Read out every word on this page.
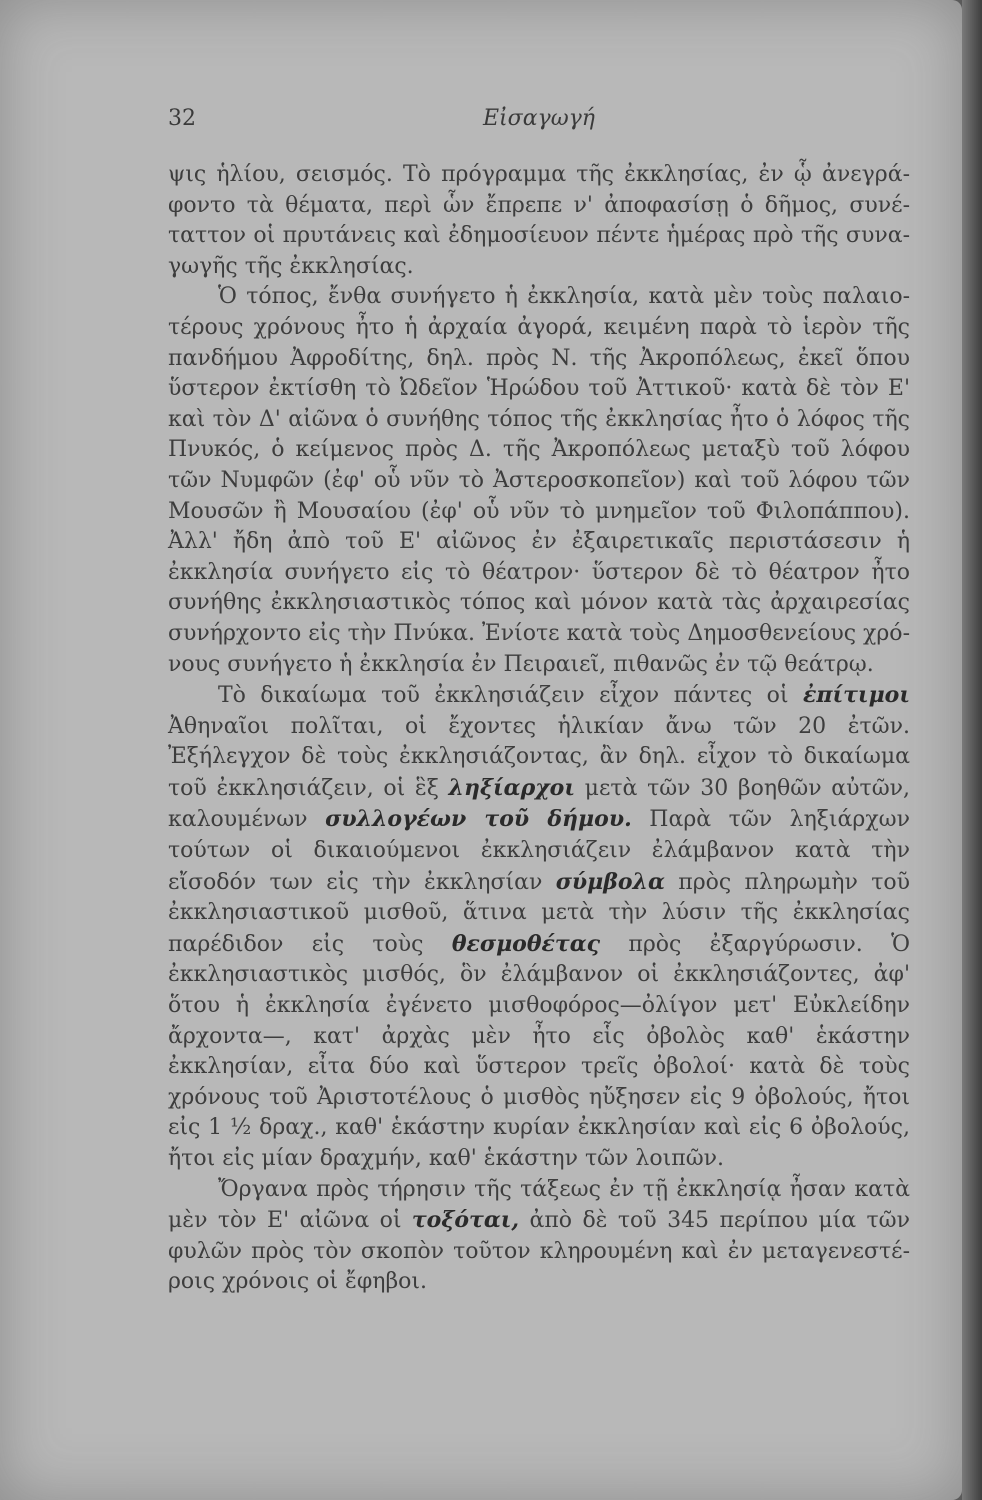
32	Εἰσαγωγή

ψις ἡλίου, σεισμός. Τὸ πρόγραμμα τῆς ἐκκλησίας, ἐν ᾧ ἀνεγράφοντο τὰ θέματα, περὶ ὧν ἔπρεπε ν' ἀποφασίσῃ ὁ δῆμος, συνέταττον οἱ πρυτάνεις καὶ ἐδημοσίευον πέντε ἡμέρας πρὸ τῆς συναγωγῆς τῆς ἐκκλησίας.

Ὁ τόπος, ἔνθα συνήγετο ἡ ἐκκλησία, κατὰ μὲν τοὺς παλαιοτέρους χρόνους ἦτο ἡ ἀρχαία ἀγορά, κειμένη παρὰ τὸ ἱερὸν τῆς πανδήμου Ἀφροδίτης, δηλ. πρὸς Ν. τῆς Ἀκροπόλεως, ἐκεῖ ὅπου ὕστερον ἐκτίσθη τὸ Ὠδεῖον Ἡρώδου τοῦ Ἀττικοῦ· κατὰ δὲ τὸν Ε' καὶ τὸν Δ' αἰῶνα ὁ συνήθης τόπος τῆς ἐκκλησίας ἦτο ὁ λόφος τῆς Πνυκός, ὁ κείμενος πρὸς Δ. τῆς Ἀκροπόλεως μεταξὺ τοῦ λόφου τῶν Νυμφῶν (ἐφ' οὗ νῦν τὸ Ἀστεροσκοπεῖον) καὶ τοῦ λόφου τῶν Μουσῶν ἢ Μουσαίου (ἐφ' οὗ νῦν τὸ μνημεῖον τοῦ Φιλοπάππου). Ἀλλ' ἤδη ἀπὸ τοῦ Ε' αἰῶνος ἐν ἐξαιρετικαῖς περιστάσεσιν ἡ ἐκκλησία συνήγετο εἰς τὸ θέατρον· ὕστερον δὲ τὸ θέατρον ἦτο συνήθης ἐκκλησιαστικὸς τόπος καὶ μόνον κατὰ τὰς ἀρχαιρεσίας συνήρχοντο εἰς τὴν Πνύκα. Ἐνίοτε κατὰ τοὺς Δημοσθενείους χρόνους συνήγετο ἡ ἐκκλησία ἐν Πειραιεῖ, πιθανῶς ἐν τῷ θεάτρῳ.

Τὸ δικαίωμα τοῦ ἐκκλησιάζειν εἶχον πάντες οἱ ἐπίτιμοι Ἀθηναῖοι πολῖται, οἱ ἔχοντες ἡλικίαν ἄνω τῶν 20 ἐτῶν. Ἐξήλεγχον δὲ τοὺς ἐκκλησιάζοντας, ἂν δηλ. εἶχον τὸ δικαίωμα τοῦ ἐκκλησιάζειν, οἱ ἓξ ληξίαρχοι μετὰ τῶν 30 βοηθῶν αὐτῶν, καλουμένων συλλογέων τοῦ δήμου. Παρὰ τῶν ληξιάρχων τούτων οἱ δικαιούμενοι ἐκκλησιάζειν ἐλάμβανον κατὰ τὴν εἴσοδόν των εἰς τὴν ἐκκλησίαν σύμβολα πρὸς πληρωμὴν τοῦ ἐκκλησιαστικοῦ μισθοῦ, ἅτινα μετὰ τὴν λύσιν τῆς ἐκκλησίας παρέδιδον εἰς τοὺς θεσμοθέτας πρὸς ἐξαργύρωσιν. Ὁ ἐκκλησιαστικὸς μισθός, ὃν ἐλάμβανον οἱ ἐκκλησιάζοντες, ἀφ' ὅτου ἡ ἐκκλησία ἐγένετο μισθοφόρος—ὀλίγον μετ' Εὐκλείδην ἄρχοντα—, κατ' ἀρχὰς μὲν ἦτο εἷς ὀβολὸς καθ' ἑκάστην ἐκκλησίαν, εἶτα δύο καὶ ὕστερον τρεῖς ὀβολοί· κατὰ δὲ τοὺς χρόνους τοῦ Ἀριστοτέλους ὁ μισθὸς ηὔξησεν εἰς 9 ὀβολούς, ἤτοι εἰς 1 ½ δραχ., καθ' ἑκάστην κυρίαν ἐκκλησίαν καὶ εἰς 6 ὀβολούς, ἤτοι εἰς μίαν δραχμήν, καθ' ἑκάστην τῶν λοιπῶν.

Ὄργανα πρὸς τήρησιν τῆς τάξεως ἐν τῇ ἐκκλησίᾳ ἦσαν κατὰ μὲν τὸν Ε' αἰῶνα οἱ τοξόται, ἀπὸ δὲ τοῦ 345 περίπου μία τῶν φυλῶν πρὸς τὸν σκοπὸν τοῦτον κληρουμένη καὶ ἐν μεταγενεστέροις χρόνοις οἱ ἔφηβοι.
